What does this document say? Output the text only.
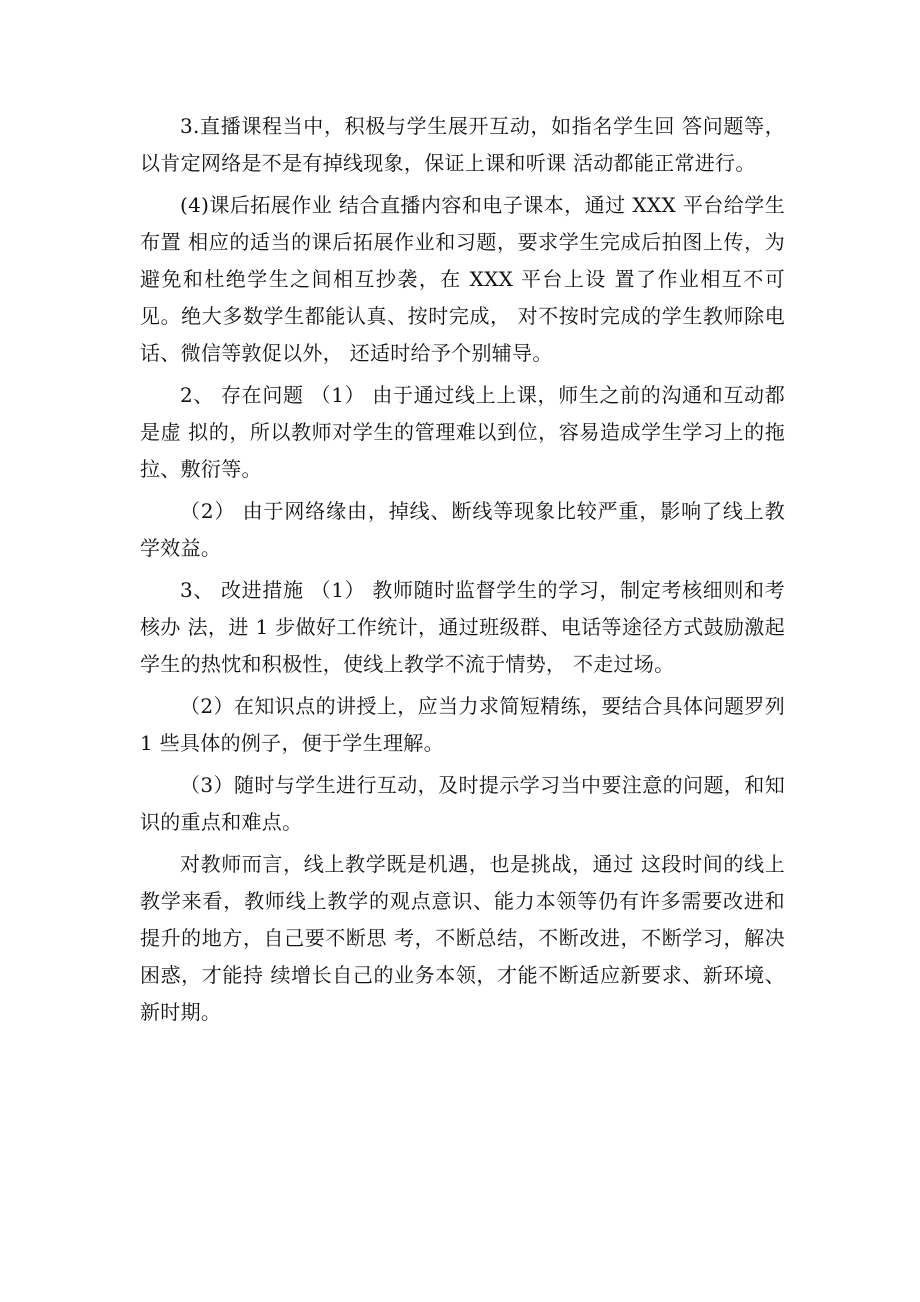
3.直播课程当中，积极与学生展开互动，如指名学生回 答问题等，以肯定网络是不是有掉线现象，保证上课和听课 活动都能正常进行。

(4)课后拓展作业 结合直播内容和电子课本，通过 XXX 平台给学生布置 相应的适当的课后拓展作业和习题，要求学生完成后拍图上传，为避免和杜绝学生之间相互抄袭，在 XXX 平台上设 置了作业相互不可见。绝大多数学生都能认真、按时完成， 对不按时完成的学生教师除电话、微信等敦促以外， 还适时给予个别辅导。

2、 存在问题 （1） 由于通过线上上课，师生之前的沟通和互动都是虚 拟的，所以教师对学生的管理难以到位，容易造成学生学习上的拖拉、敷衍等。

（2） 由于网络缘由，掉线、断线等现象比较严重，影响了线上教学效益。

3、 改进措施 （1） 教师随时监督学生的学习，制定考核细则和考核办 法，进 1 步做好工作统计，通过班级群、电话等途径方式鼓励激起学生的热忱和积极性，使线上教学不流于情势， 不走过场。

（2）在知识点的讲授上，应当力求简短精练，要结合具体问题罗列 1 些具体的例子，便于学生理解。

（3）随时与学生进行互动，及时提示学习当中要注意的问题，和知识的重点和难点。

对教师而言，线上教学既是机遇，也是挑战，通过 这段时间的线上教学来看，教师线上教学的观点意识、能力本领等仍有许多需要改进和提升的地方，自己要不断思 考，不断总结，不断改进，不断学习，解决困惑，才能持 续增长自己的业务本领，才能不断适应新要求、新环境、 新时期。
